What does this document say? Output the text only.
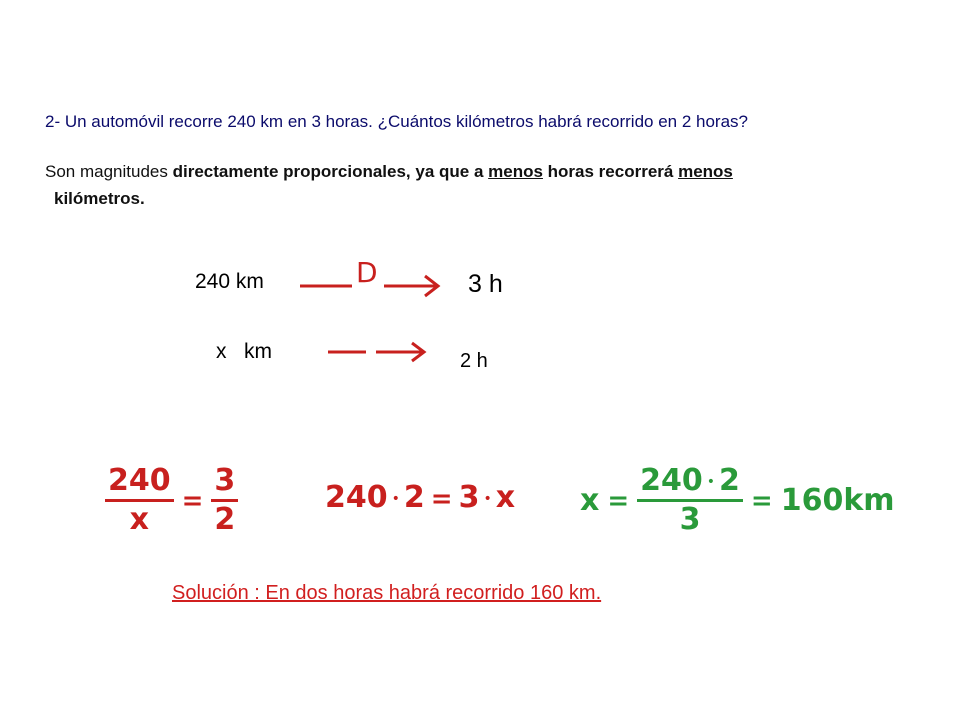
2- Un automóvil recorre 240 km en 3 horas. ¿Cuántos kilómetros habrá recorrido en 2 horas?
Son magnitudes directamente proporcionales, ya que a menos horas recorrerá menos
kilómetros.
240 km	D	3 h
x   km	2 h
$\frac{240}{x} = \frac{3}{2}$	240 • 2 = 3 • x $x = \frac{240 • 2}{3} = 160km$
Solución : En dos horas habrá recorrido 160 km.
